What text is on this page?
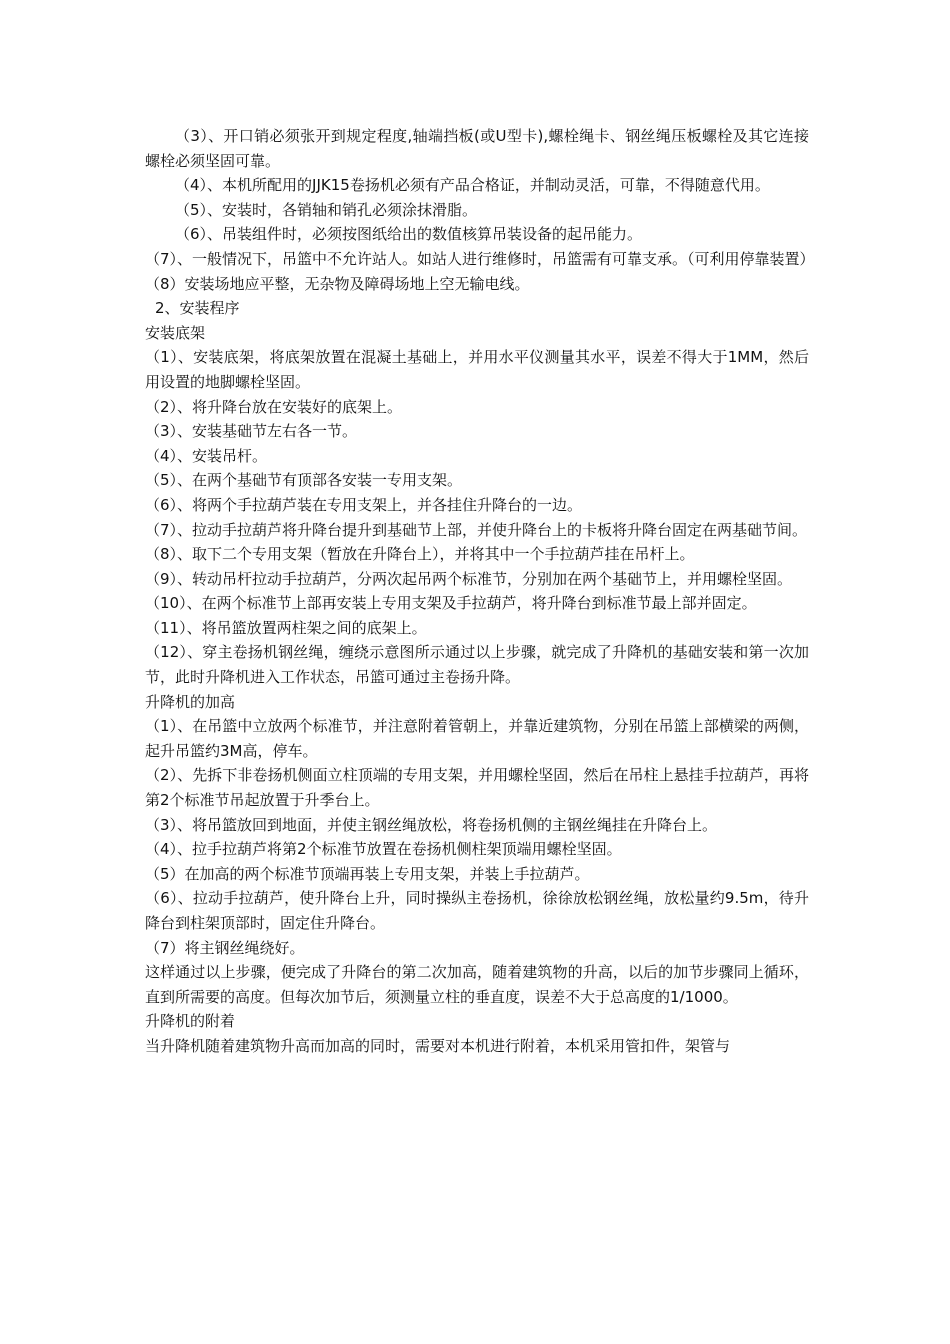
（3）、开口销必须张开到规定程度,轴端挡板(或U型卡),螺栓绳卡、钢丝绳压板螺栓及其它连接螺栓必须坚固可靠。

（4）、本机所配用的JJK15卷扬机必须有产品合格证，并制动灵活，可靠，不得随意代用。

（5）、安装时，各销轴和销孔必须涂抹滑脂。

（6）、吊装组件时，必须按图纸给出的数值核算吊装设备的起吊能力。

（7）、一般情况下，吊篮中不允许站人。如站人进行维修时，吊篮需有可靠支承。（可利用停靠装置）

（8）安装场地应平整，无杂物及障碍场地上空无输电线。

2、安装程序

安装底架

（1）、安装底架，将底架放置在混凝土基础上，并用水平仪测量其水平，误差不得大于1MM，然后用设置的地脚螺栓坚固。

（2）、将升降台放在安装好的底架上。

（3）、安装基础节左右各一节。

（4）、安装吊杆。

（5）、在两个基础节有顶部各安装一专用支架。

（6）、将两个手拉葫芦装在专用支架上，并各挂住升降台的一边。

（7）、拉动手拉葫芦将升降台提升到基础节上部，并使升降台上的卡板将升降台固定在两基础节间。

（8）、取下二个专用支架（暂放在升降台上），并将其中一个手拉葫芦挂在吊杆上。

（9）、转动吊杆拉动手拉葫芦，分两次起吊两个标准节，分别加在两个基础节上，并用螺栓坚固。

（10）、在两个标准节上部再安装上专用支架及手拉葫芦，将升降台到标准节最上部并固定。

（11）、将吊篮放置两柱架之间的底架上。

（12）、穿主卷扬机钢丝绳，缠绕示意图所示通过以上步骤，就完成了升降机的基础安装和第一次加节，此时升降机进入工作状态，吊篮可通过主卷扬升降。

升降机的加高

（1）、在吊篮中立放两个标准节，并注意附着管朝上，并靠近建筑物，分别在吊篮上部横梁的两侧，起升吊篮约3M高，停车。

（2）、先拆下非卷扬机侧面立柱顶端的专用支架，并用螺栓坚固，然后在吊柱上悬挂手拉葫芦，再将第2个标准节吊起放置于升季台上。

（3）、将吊篮放回到地面，并使主钢丝绳放松，将卷扬机侧的主钢丝绳挂在升降台上。

（4）、拉手拉葫芦将第2个标准节放置在卷扬机侧柱架顶端用螺栓坚固。

（5）在加高的两个标准节顶端再装上专用支架，并装上手拉葫芦。

（6）、拉动手拉葫芦，使升降台上升，同时操纵主卷扬机，徐徐放松钢丝绳，放松量约9.5m，待升降台到柱架顶部时，固定住升降台。

（7）将主钢丝绳绕好。

这样通过以上步骤，便完成了升降台的第二次加高，随着建筑物的升高，以后的加节步骤同上循环，直到所需要的高度。但每次加节后，须测量立柱的垂直度，误差不大于总高度的1/1000。

升降机的附着

当升降机随着建筑物升高而加高的同时，需要对本机进行附着，本机采用管扣件，架管与
